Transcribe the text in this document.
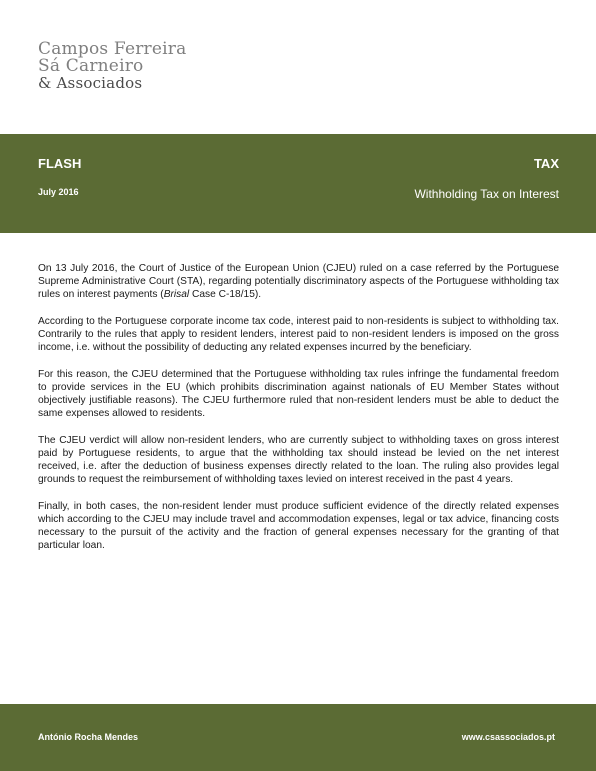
Campos Ferreira
Sá Carneiro
& Associados
FLASH	TAX
July 2016	Withholding Tax on Interest

On 13 July 2016, the Court of Justice of the European Union (CJEU) ruled on a case referred by the Portuguese Supreme Administrative Court (STA), regarding potentially discriminatory aspects of the Portuguese withholding tax rules on interest payments (Brisal Case C-18/15).

According to the Portuguese corporate income tax code, interest paid to non-residents is subject to withholding tax. Contrarily to the rules that apply to resident lenders, interest paid to non-resident lenders is imposed on the gross income, i.e. without the possibility of deducting any related expenses incurred by the beneficiary.

For this reason, the CJEU determined that the Portuguese withholding tax rules infringe the fundamental freedom to provide services in the EU (which prohibits discrimination against nationals of EU Member States without objectively justifiable reasons). The CJEU furthermore ruled that non-resident lenders must be able to deduct the same expenses allowed to residents.

The CJEU verdict will allow non-resident lenders, who are currently subject to withholding taxes on gross interest paid by Portuguese residents, to argue that the withholding tax should instead be levied on the net interest received, i.e. after the deduction of business expenses directly related to the loan. The ruling also provides legal grounds to request the reimbursement of withholding taxes levied on interest received in the past 4 years.

Finally, in both cases, the non-resident lender must produce sufficient evidence of the directly related expenses which according to the CJEU may include travel and accommodation expenses, legal or tax advice, financing costs necessary to the pursuit of the activity and the fraction of general expenses necessary for the granting of that particular loan.

António Rocha Mendes	www.csassociados.pt
